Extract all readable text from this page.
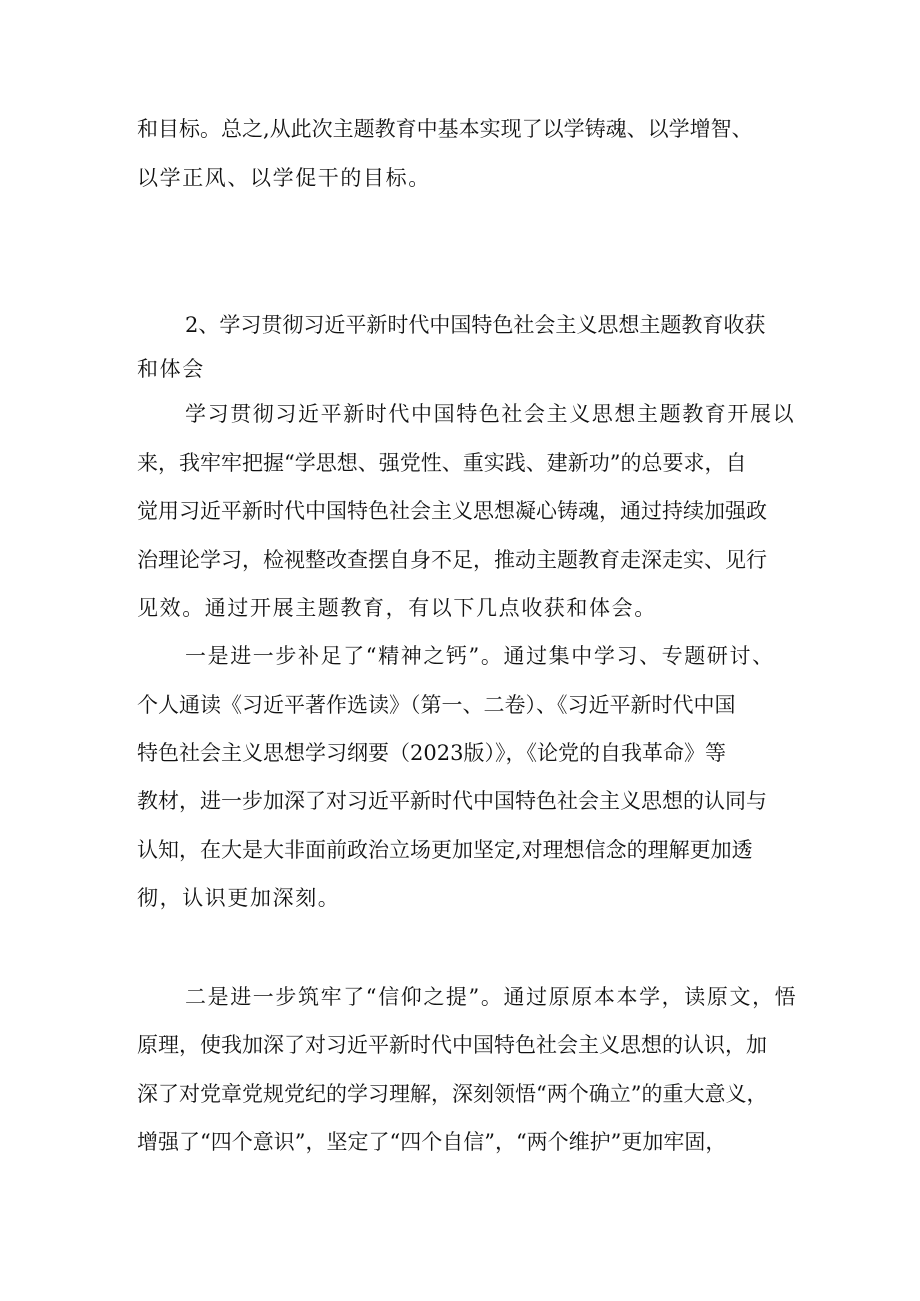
和目标。总之,从此次主题教育中基本实现了以学铸魂、以学增智、
以学正风、以学促干的目标。
2、学习贯彻习近平新时代中国特色社会主义思想主题教育收获
和体会
学习贯彻习近平新时代中国特色社会主义思想主题教育开展以
来，我牢牢把握“学思想、强党性、重实践、建新功”的总要求，自
觉用习近平新时代中国特色社会主义思想凝心铸魂，通过持续加强政
治理论学习，检视整改查摆自身不足，推动主题教育走深走实、见行
见效。通过开展主题教育，有以下几点收获和体会。
一是进一步补足了“精神之钙”。通过集中学习、专题研讨、
个人通读《习近平著作选读》（第一、二卷）、《习近平新时代中国
特色社会主义思想学习纲要（2023版）》，《论党的自我革命》等
教材，进一步加深了对习近平新时代中国特色社会主义思想的认同与
认知，在大是大非面前政治立场更加坚定,对理想信念的理解更加透
彻，认识更加深刻。
二是进一步筑牢了“信仰之提”。通过原原本本学，读原文，悟
原理，使我加深了对习近平新时代中国特色社会主义思想的认识，加
深了对党章党规党纪的学习理解，深刻领悟“两个确立”的重大意义，
增强了“四个意识”，坚定了“四个自信”，“两个维护”更加牢固，
